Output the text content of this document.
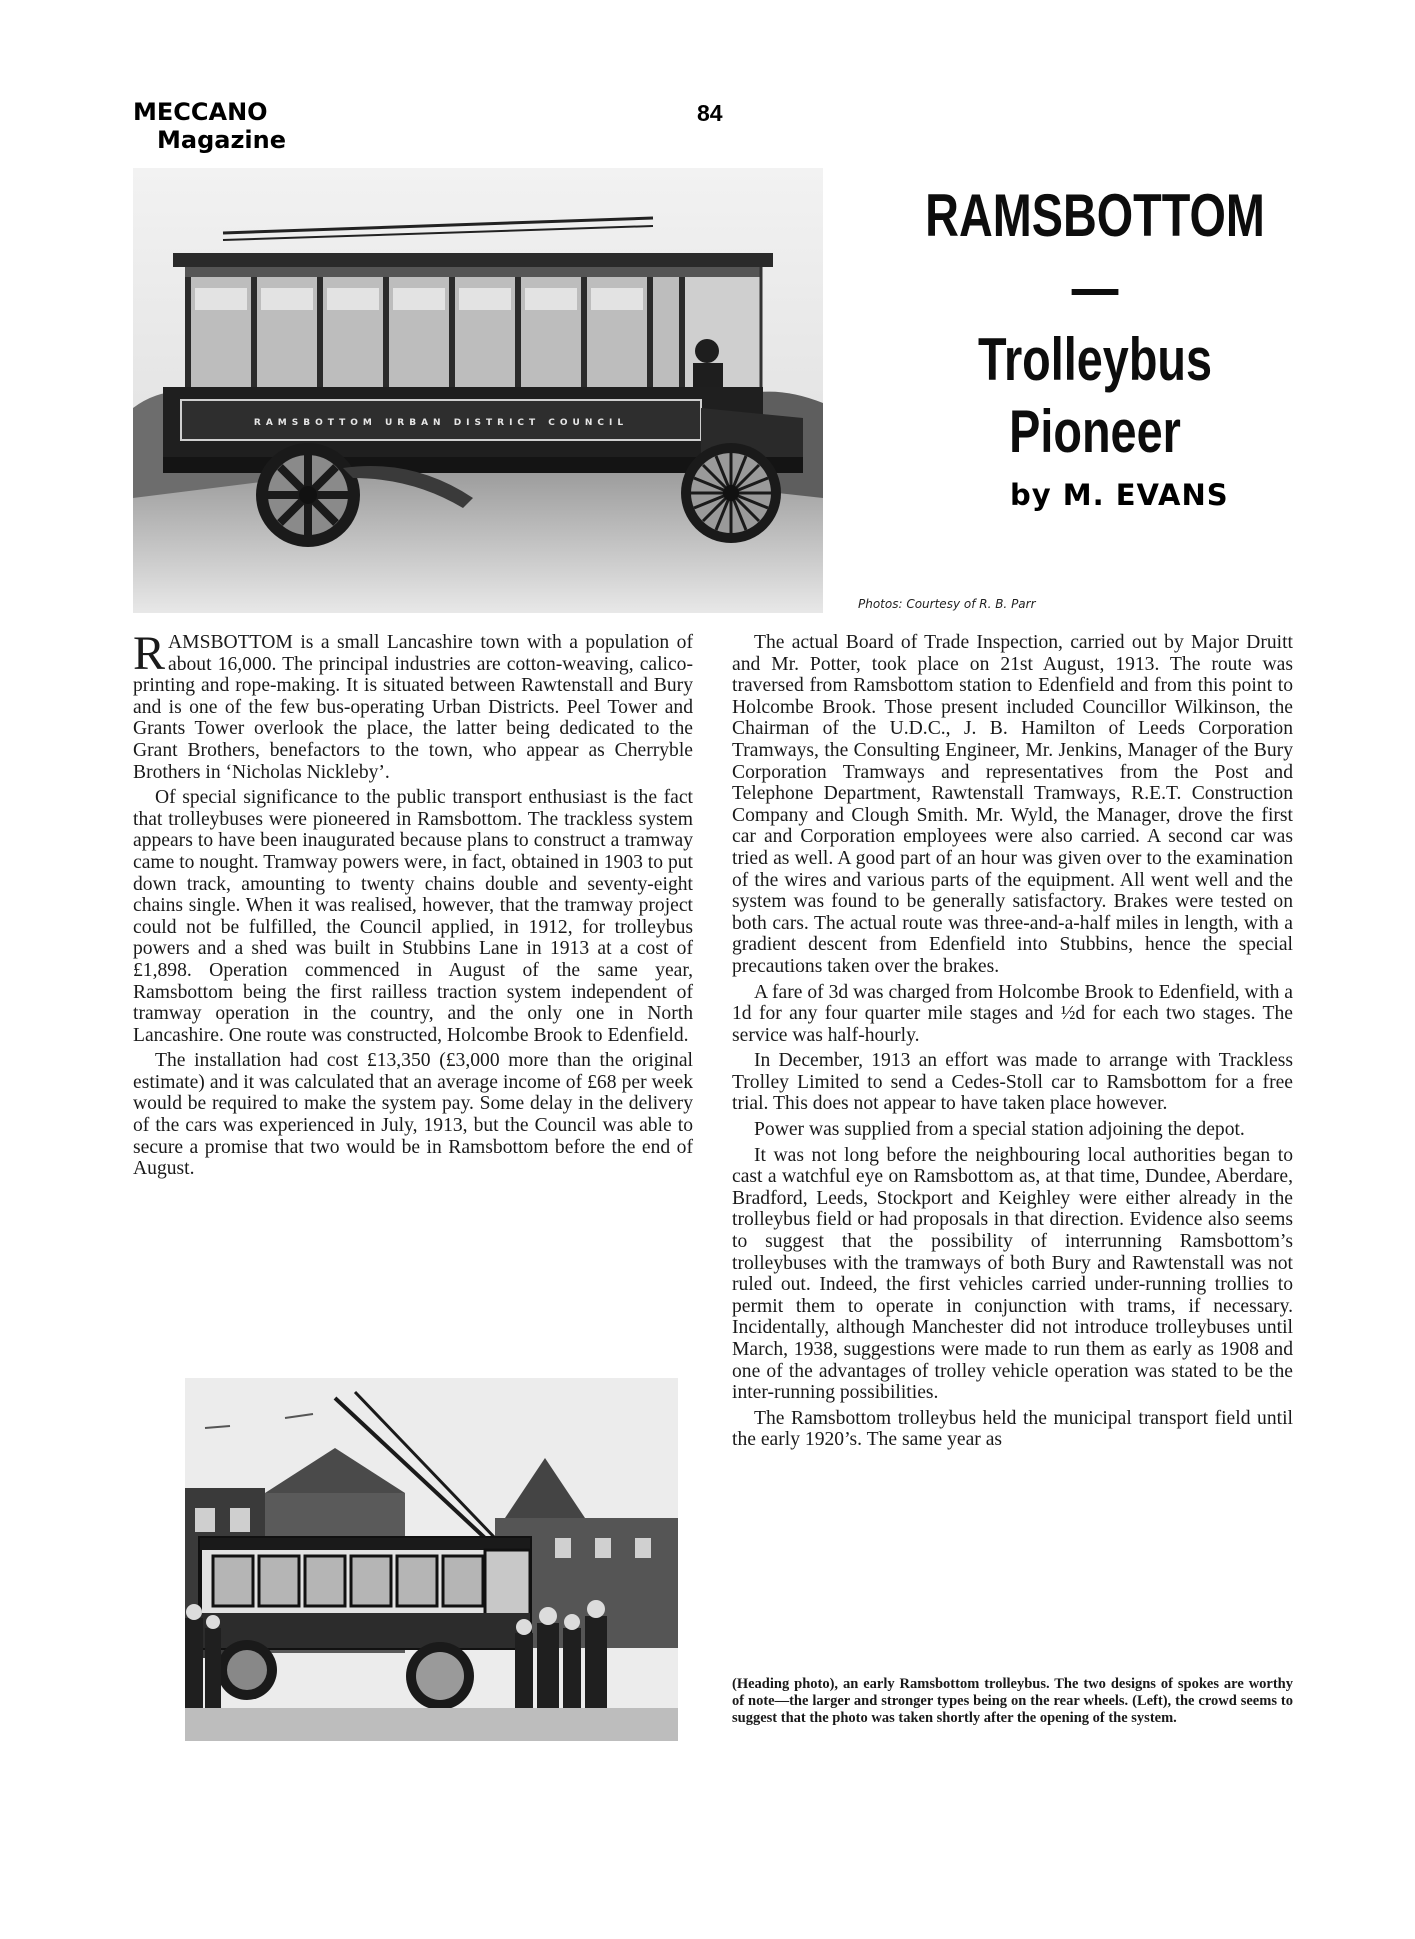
MECCANO
Magazine
84
RAMSBOTTOM URBAN DISTRICT COUNCIL
RAMSBOTTOM—
Trolleybus
Pioneer
by M. EVANS
Photos: Courtesy of R. B. Parr

RAMSBOTTOM is a small Lancashire town with a population of about 16,000. The principal industries are cotton-weaving, calico-printing and rope-making. It is situated between Rawtenstall and Bury and is one of the few bus-operating Urban Districts. Peel Tower and Grants Tower overlook the place, the latter being dedicated to the Grant Brothers, benefactors to the town, who appear as Cherryble Brothers in ‘Nicholas Nickleby’.

Of special significance to the public transport enthusiast is the fact that trolleybuses were pioneered in Ramsbottom. The trackless system appears to have been inaugurated because plans to construct a tramway came to nought. Tramway powers were, in fact, obtained in 1903 to put down track, amounting to twenty chains double and seventy-eight chains single. When it was realised, however, that the tramway project could not be fulfilled, the Council applied, in 1912, for trolleybus powers and a shed was built in Stubbins Lane in 1913 at a cost of £1,898. Operation commenced in August of the same year, Ramsbottom being the first railless traction system independent of tramway operation in the country, and the only one in North Lancashire. One route was constructed, Holcombe Brook to Edenfield.

The installation had cost £13,350 (£3,000 more than the original estimate) and it was calculated that an average income of £68 per week would be required to make the system pay. Some delay in the delivery of the cars was experienced in July, 1913, but the Council was able to secure a promise that two would be in Ramsbottom before the end of August.

The actual Board of Trade Inspection, carried out by Major Druitt and Mr. Potter, took place on 21st August, 1913. The route was traversed from Ramsbottom station to Edenfield and from this point to Holcombe Brook. Those present included Councillor Wilkinson, the Chairman of the U.D.C., J. B. Hamilton of Leeds Corporation Tramways, the Consulting Engineer, Mr. Jenkins, Manager of the Bury Corporation Tramways and representatives from the Post and Telephone Department, Rawtenstall Tramways, R.E.T. Construction Company and Clough Smith. Mr. Wyld, the Manager, drove the first car and Corporation employees were also carried. A second car was tried as well. A good part of an hour was given over to the examination of the wires and various parts of the equipment. All went well and the system was found to be generally satisfactory. Brakes were tested on both cars. The actual route was three-and-a-half miles in length, with a gradient descent from Edenfield into Stubbins, hence the special precautions taken over the brakes.

A fare of 3d was charged from Holcombe Brook to Edenfield, with a 1d for any four quarter mile stages and ½d for each two stages. The service was half-hourly.

In December, 1913 an effort was made to arrange with Trackless Trolley Limited to send a Cedes-Stoll car to Ramsbottom for a free trial. This does not appear to have taken place however.

Power was supplied from a special station adjoining the depot.

It was not long before the neighbouring local authorities began to cast a watchful eye on Ramsbottom as, at that time, Dundee, Aberdare, Bradford, Leeds, Stockport and Keighley were either already in the trolleybus field or had proposals in that direction. Evidence also seems to suggest that the possibility of interrunning Ramsbottom’s trolleybuses with the tramways of both Bury and Rawtenstall was not ruled out. Indeed, the first vehicles carried under-running trollies to permit them to operate in conjunction with trams, if necessary. Incidentally, although Manchester did not introduce trolleybuses until March, 1938, suggestions were made to run them as early as 1908 and one of the advantages of trolley vehicle operation was stated to be the inter-running possibilities.

The Ramsbottom trolleybus held the municipal transport field until the early 1920’s. The same year as

(Heading photo), an early Ramsbottom trolleybus. The two designs of spokes are worthy of note—the larger and stronger types being on the rear wheels. (Left), the crowd seems to suggest that the photo was taken shortly after the opening of the system.
